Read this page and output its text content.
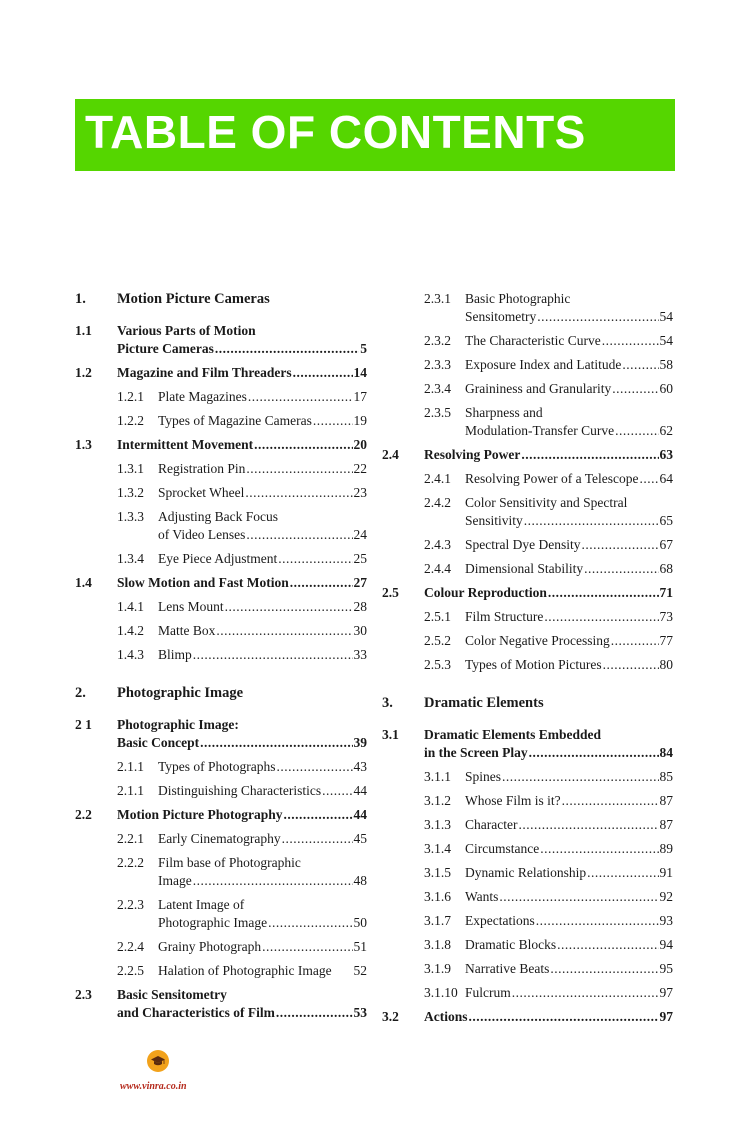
TABLE OF CONTENTS
1. Motion Picture Cameras
1.1 Various Parts of Motion
Picture Cameras .....	5
1.2 Magazine and Film Threaders .....	14
1.2.1 Plate Magazines .....	17
1.2.2 Types of Magazine Cameras .....	19
1.3 Intermittent Movement .....	20
1.3.1 Registration Pin .....	22
1.3.2 Sprocket Wheel .....	23
1.3.3 Adjusting Back Focus
of Video Lenses .....	24
1.3.4 Eye Piece Adjustment .....	25
1.4 Slow Motion and Fast Motion .....	27
1.4.1 Lens Mount .....	28
1.4.2 Matte Box .....	30
1.4.3 Blimp .....	33
2. Photographic Image
2 1 Photographic Image:
Basic Concept .....	39
2.1.1 Types of Photographs .....	43
2.1.1 Distinguishing Characteristics ..... 44
2.2 Motion Picture Photography .....	44
2.2.1 Early Cinematography .....	45
2.2.2 Film base of Photographic
Image .....	48
2.2.3 Latent Image of
Photographic Image .....	50
2.2.4 Grainy Photograph .....	51
2.2.5 Halation of Photographic Image 52
2.3 Basic Sensitometry
and Characteristics of Film .....	53
2.3.1 Basic Photographic
Sensitometry .....	54
2.3.2 The Characteristic Curve .....	54
2.3.3 Exposure Index and Latitude .....	58
2.3.4 Graininess and Granularity .....	60
2.3.5 Sharpness and
Modulation-Transfer Curve .....	62
2.4 Resolving Power .....	63
2.4.1 Resolving Power of a Telescope ..... 64
2.4.2 Color Sensitivity and Spectral
Sensitivity .....	65
2.4.3 Spectral Dye Density .....	67
2.4.4 Dimensional Stability .....	68
2.5 Colour Reproduction .....	71
2.5.1 Film Structure .....	73
2.5.2 Color Negative Processing .....	77
2.5.3 Types of Motion Pictures .....	80
3. Dramatic Elements
3.1 Dramatic Elements Embedded
in the Screen Play .....	84
3.1.1 Spines .....	85
3.1.2 Whose Film is it? .....	87
3.1.3 Character .....	87
3.1.4 Circumstance .....	89
3.1.5 Dynamic Relationship .....	91
3.1.6 Wants .....	92
3.1.7 Expectations .....	93
3.1.8 Dramatic Blocks .....	94
3.1.9 Narrative Beats .....	95
3.1.10 Fulcrum .....	97
3.2 Actions .....	97
www.vinra.co.in
